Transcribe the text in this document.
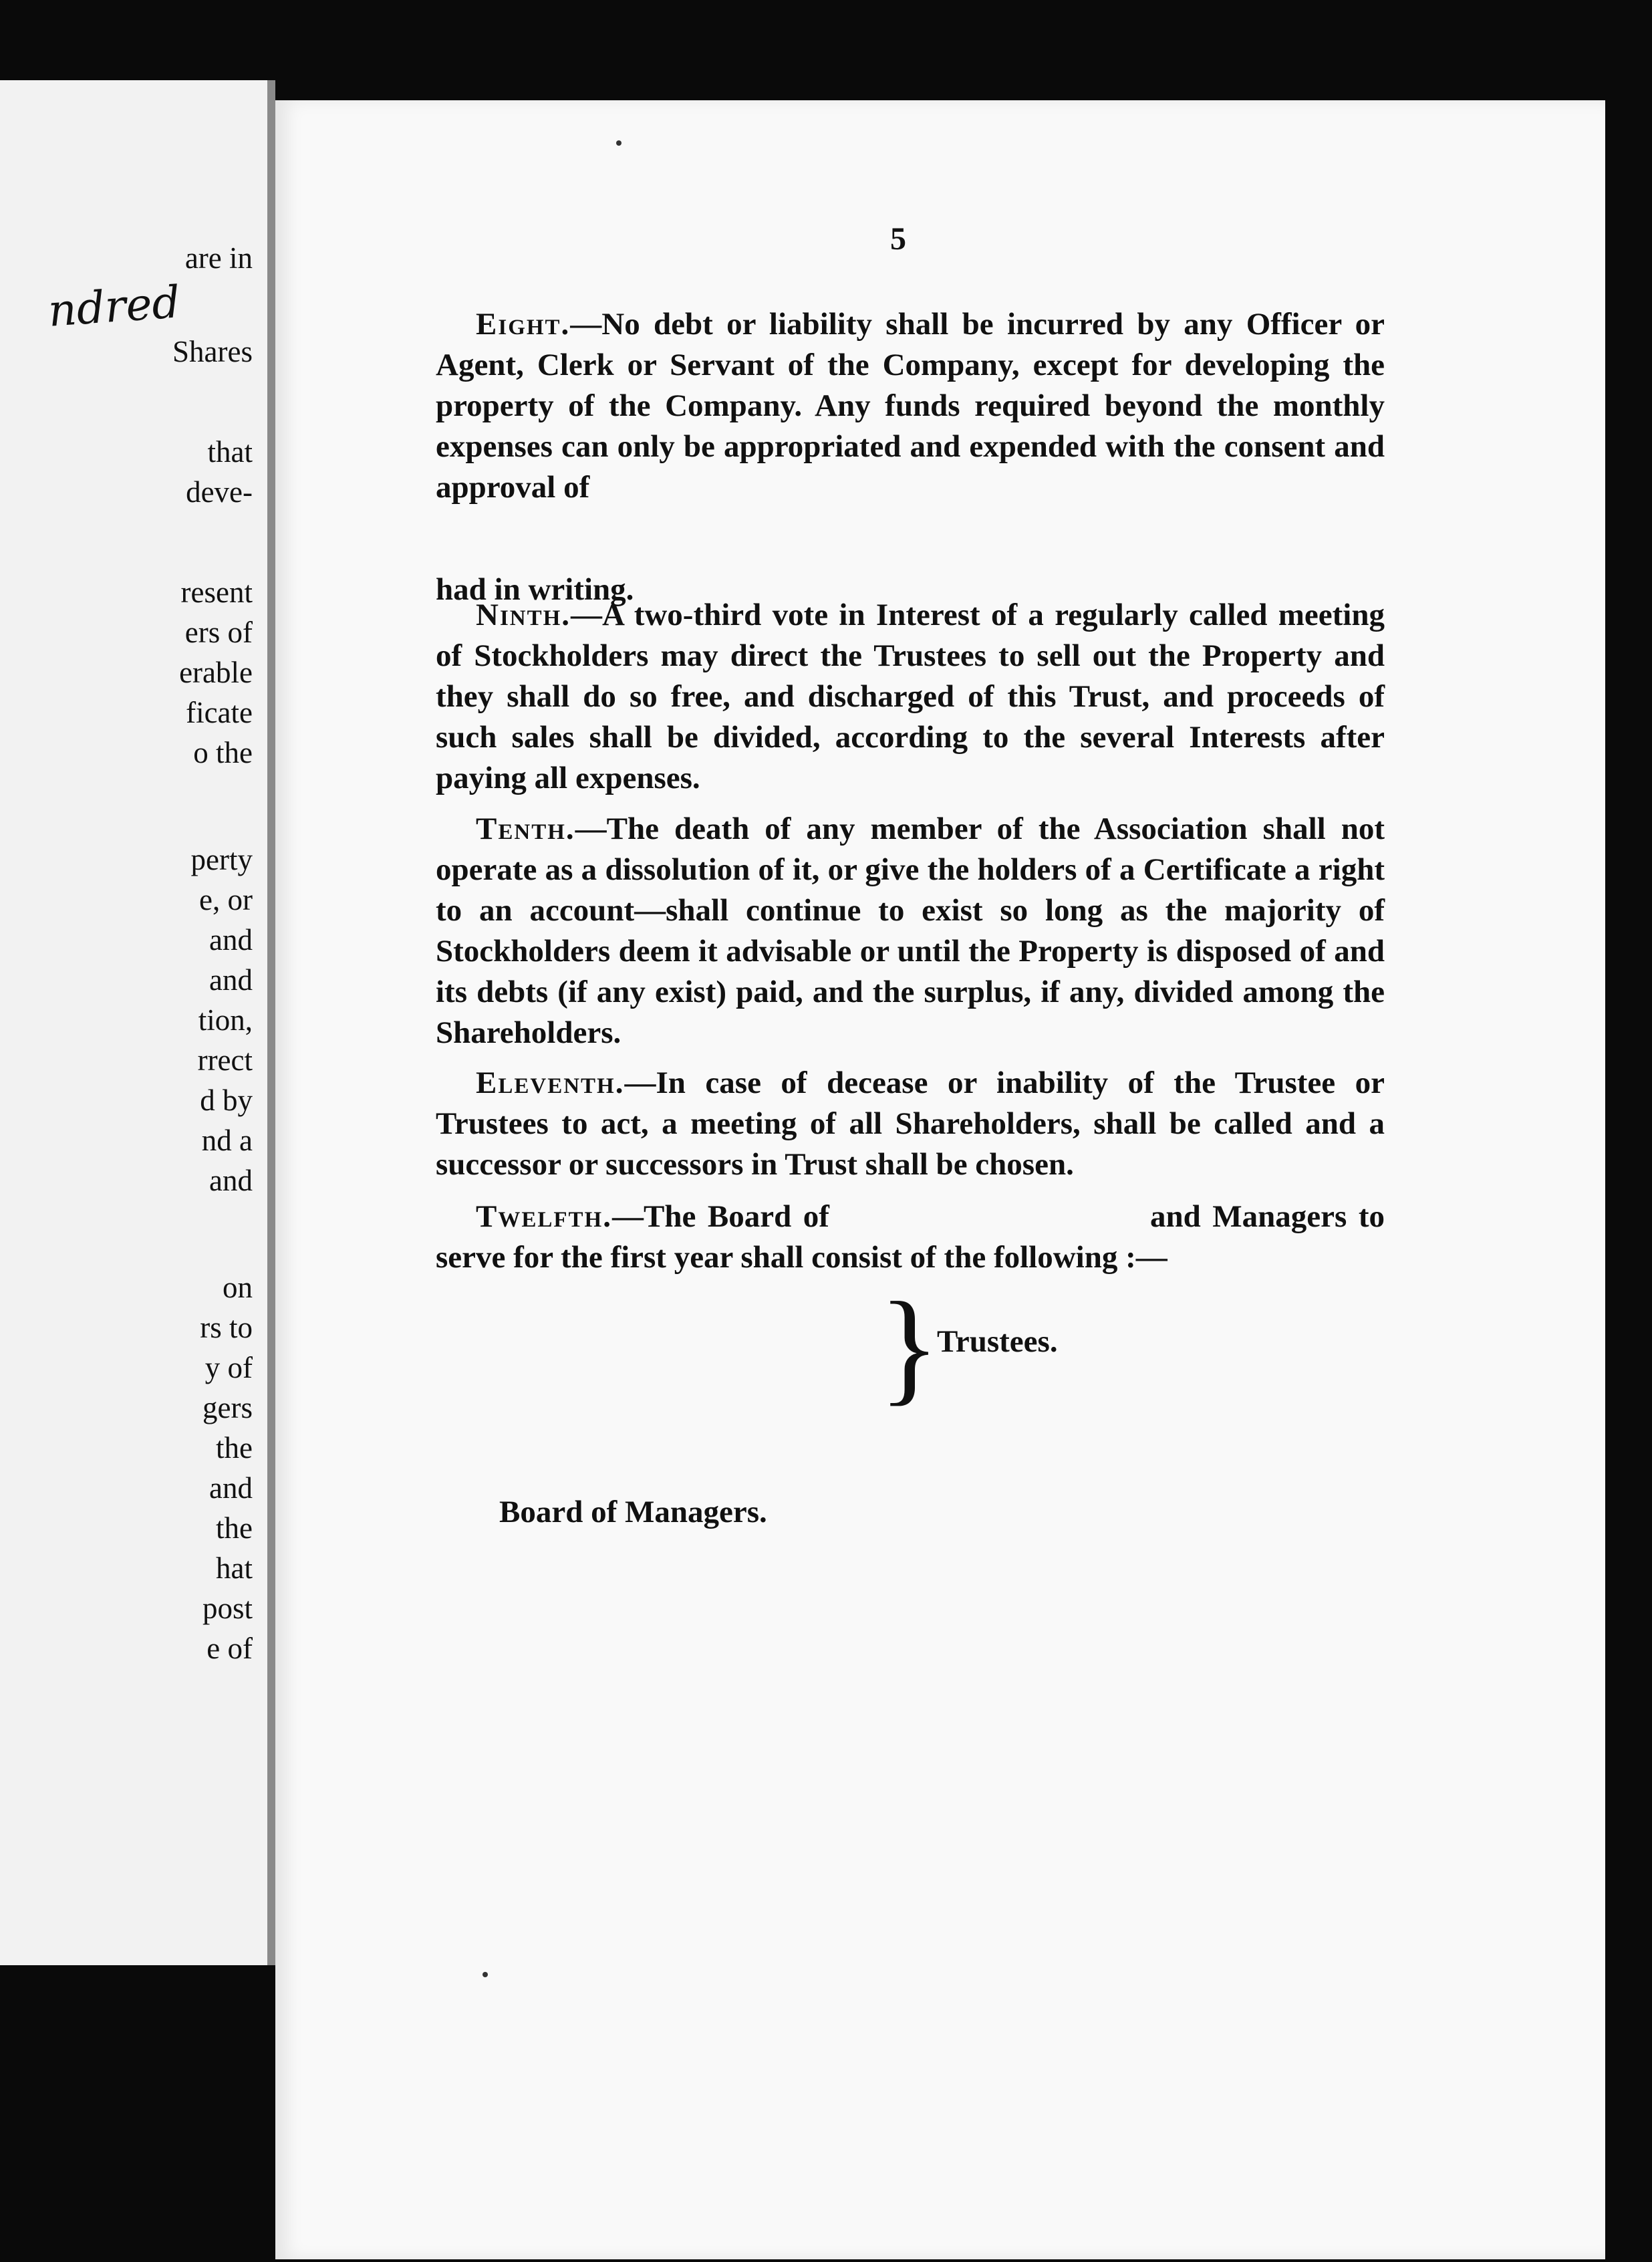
ndred
are in
Shares
that
deve-
resent
ers of
erable
ficate
o the
perty
e, or
and
and
tion,
rrect
d by
nd a
and
on
rs to
y of
gers
the
and
the
hat
post
e of
5

Eight.—No debt or liability shall be incurred by any Officer or Agent, Clerk or Servant of the Company, except for developing the property of the Company. Any funds required beyond the monthly expenses can only be appropriated and expended with the consent and approval of

had in writing.

Ninth.—A two-third vote in Interest of a regularly called meeting of Stockholders may direct the Trustees to sell out the Property and they shall do so free, and discharged of this Trust, and proceeds of such sales shall be divided, according to the several Interests after paying all expenses.

Tenth.—The death of any member of the Association shall not operate as a dissolution of it, or give the holders of a Certificate a right to an account—shall continue to exist so long as the majority of Stockholders deem it advisable or until the Property is disposed of and its debts (if any exist) paid, and the surplus, if any, divided among the Shareholders.

Eleventh.—In case of decease or inability of the Trustee or Trustees to act, a meeting of all Shareholders, shall be called and a successor or successors in Trust shall be chosen.

Twelfth.—The Board of	and Managers to serve for the first year shall consist of the following :—

}
Trustees.
Board of Managers.
